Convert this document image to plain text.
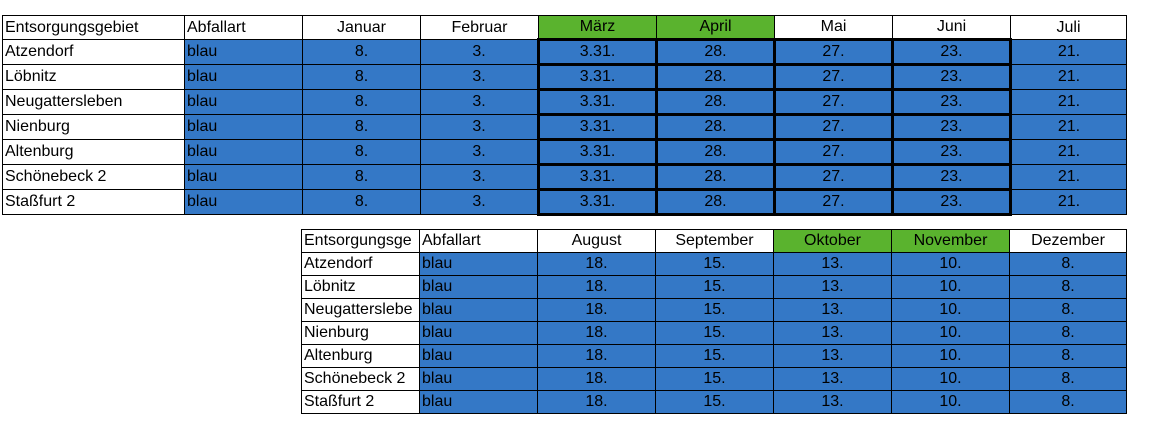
Entsorgungsgebiet	Abfallart	Januar	Februar	März	April	Mai	Juni	Juli
Atzendorf	blau	8.	3.	3.31.	28.	27.	23.	21.
Löbnitz	blau	8.	3.	3.31.	28.	27.	23.	21.
Neugattersleben	blau	8.	3.	3.31.	28.	27.	23.	21.
Nienburg	blau	8.	3.	3.31.	28.	27.	23.	21.
Altenburg	blau	8.	3.	3.31.	28.	27.	23.	21.
Schönebeck 2	blau	8.	3.	3.31.	28.	27.	23.	21.
Staßfurt 2	blau	8.	3.	3.31.	28.	27.	23.	21.
Entsorgungsge	Abfallart	August	September	Oktober	November	Dezember
Atzendorf	blau	18.	15.	13.	10.	8.
Löbnitz	blau	18.	15.	13.	10.	8.
Neugatterslebe	blau	18.	15.	13.	10.	8.
Nienburg	blau	18.	15.	13.	10.	8.
Altenburg	blau	18.	15.	13.	10.	8.
Schönebeck 2	blau	18.	15.	13.	10.	8.
Staßfurt 2	blau	18.	15.	13.	10.	8.
